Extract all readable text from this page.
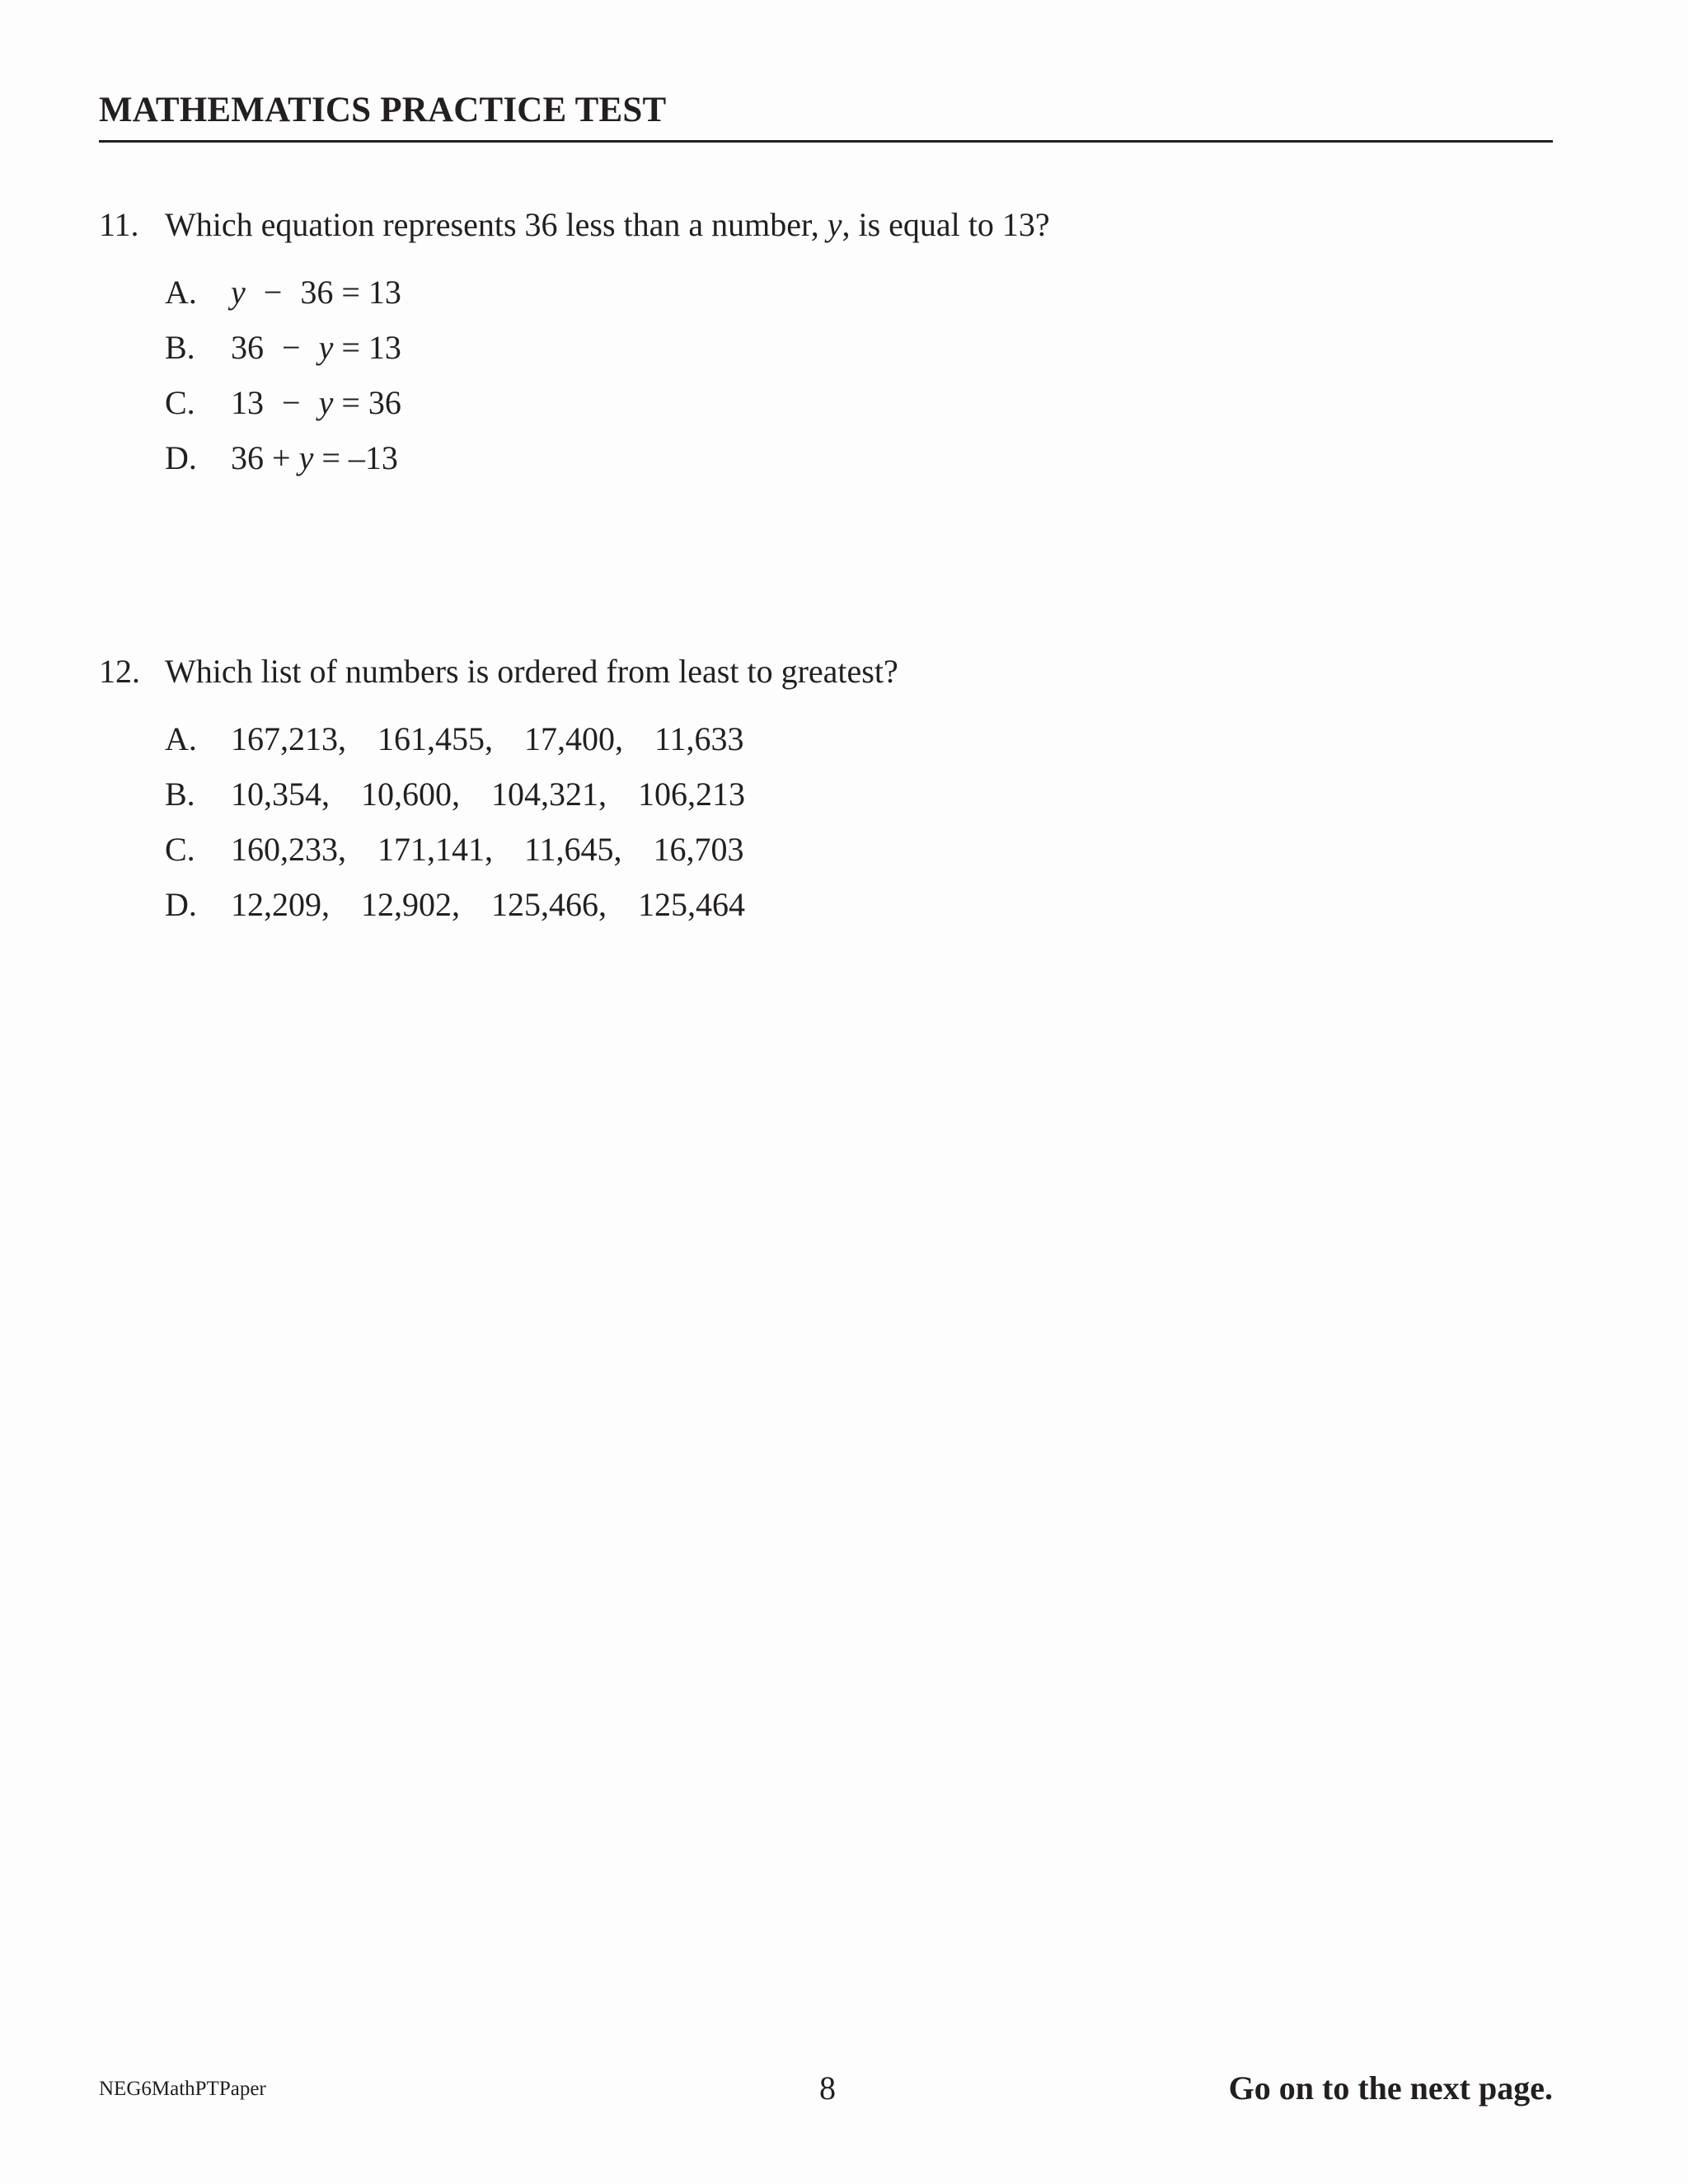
MATHEMATICS PRACTICE TEST
11. Which equation represents 36 less than a number, y, is equal to 13?
A.	y − 36 = 13
B.	36 − y = 13
C.	13 − y = 36
D.	36 + y = –13
12. Which list of numbers is ordered from least to greatest?
A.	167,213, 161,455, 17,400, 11,633
B.	10,354, 10,600, 104,321, 106,213
C.	160,233, 171,141, 11,645, 16,703
D.	12,209, 12,902, 125,466, 125,464
NEG6MathPTPaper	8	Go on to the next page.
